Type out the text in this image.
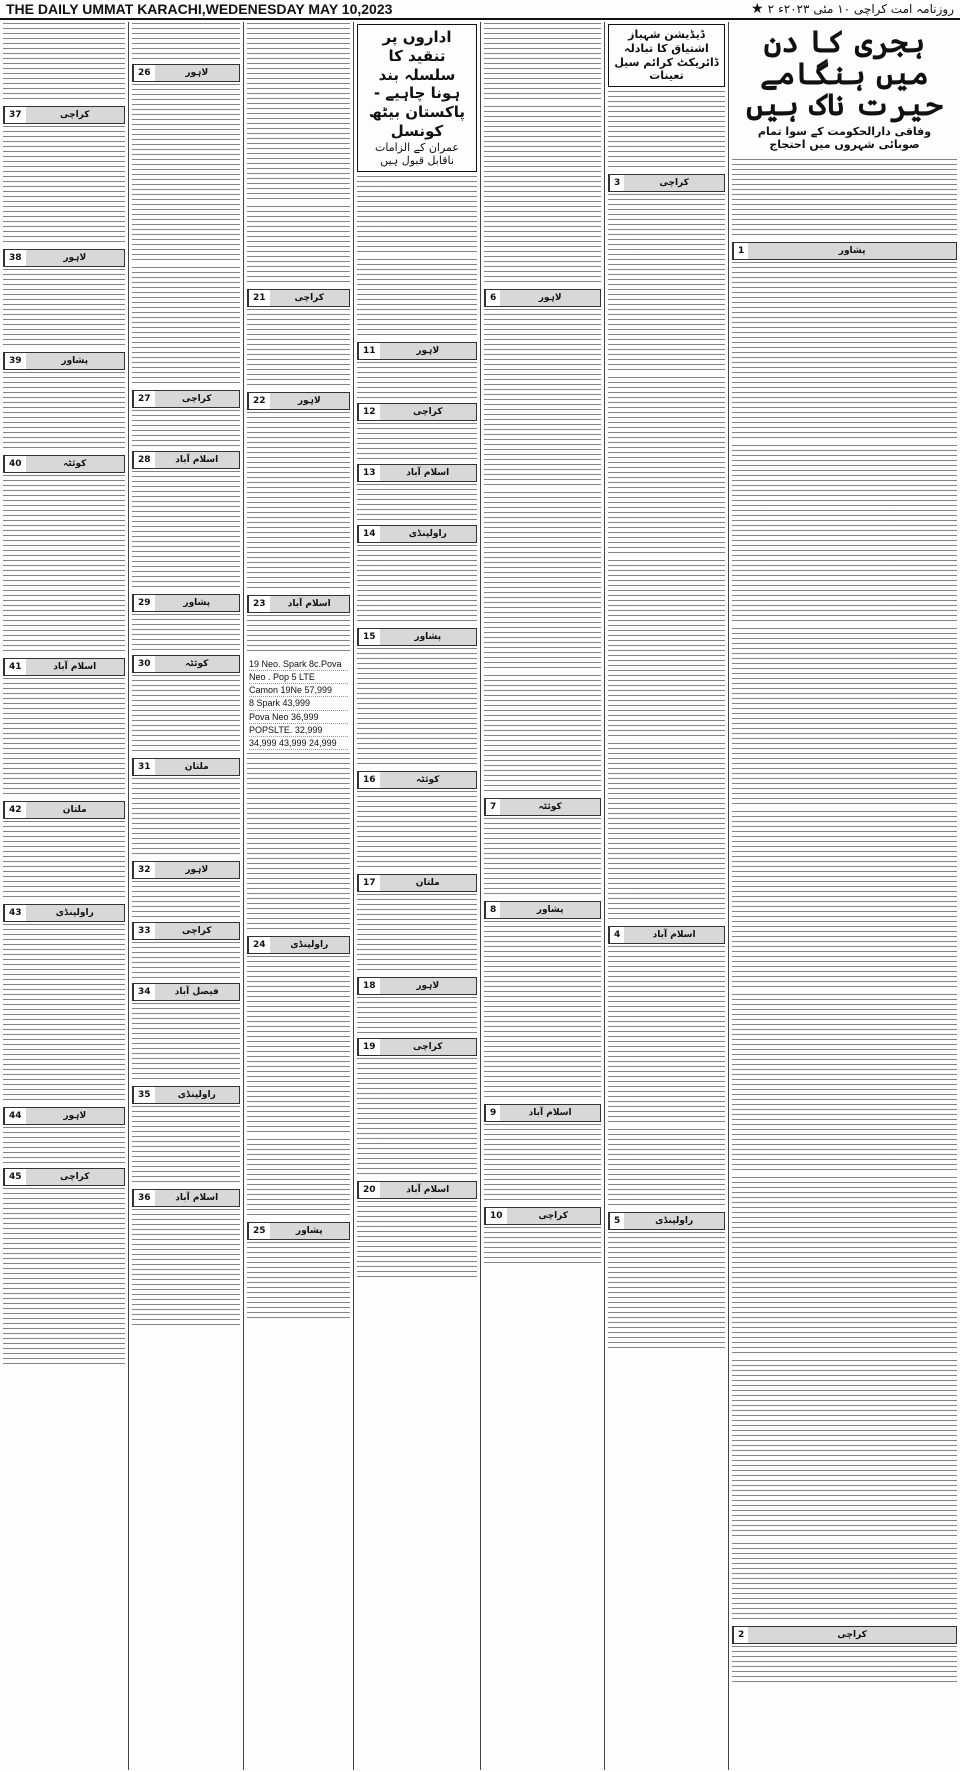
THE DAILY UMMAT KARACHI,WEDENESDAY MAY 10,2023	روزنامہ امت کراچی ۱۰ مئی ۲۰۲۳ء
۲
★
37	کراچی
38	لاہور
39	پشاور
40	کوئٹہ
41	اسلام آباد
42	ملتان
43	راولپنڈی
44	لاہور
45	کراچی
26	لاہور
27	کراچی
28	اسلام آباد
29	پشاور
30	کوئٹہ
31	ملتان
32	لاہور
33	کراچی
34	فیصل آباد
35	راولپنڈی
36	اسلام آباد
21	کراچی
22	لاہور
23	اسلام آباد
19 Neo. Spark 8c.Pova
Neo . Pop 5 LTE
Camon 19Ne 57,999
8 Spark 43,999
Pova Neo 36,999
POPSLTE. 32,999
34,999 43,999 24,999
24	راولپنڈی
25	پشاور
اداروں پر تنقید کا سلسلہ بند ہونا چاہیے - پاکستان بیٹھ کونسل
عمران کے الزامات ناقابل قبول ہیں
11	لاہور
12	کراچی
13	اسلام آباد
14	راولپنڈی
15	پشاور
16	کوئٹہ
17	ملتان
18	لاہور
19	کراچی
20	اسلام آباد
6	لاہور
7	کوئٹہ
8	پشاور
9	اسلام آباد
10	کراچی
ڈیڈیشن شہباز اشتیاق کا تبادلہ
ڈائریکٹ کرائم سیل تعینات
3	کراچی
4	اسلام آباد
5	راولپنڈی
ہجری کا دن میں ہنگامے حیرت ناک ہیں
وفاقی دارالحکومت کے سوا تمام صوبائی شہروں میں احتجاج
1	پشاور
2	کراچی
